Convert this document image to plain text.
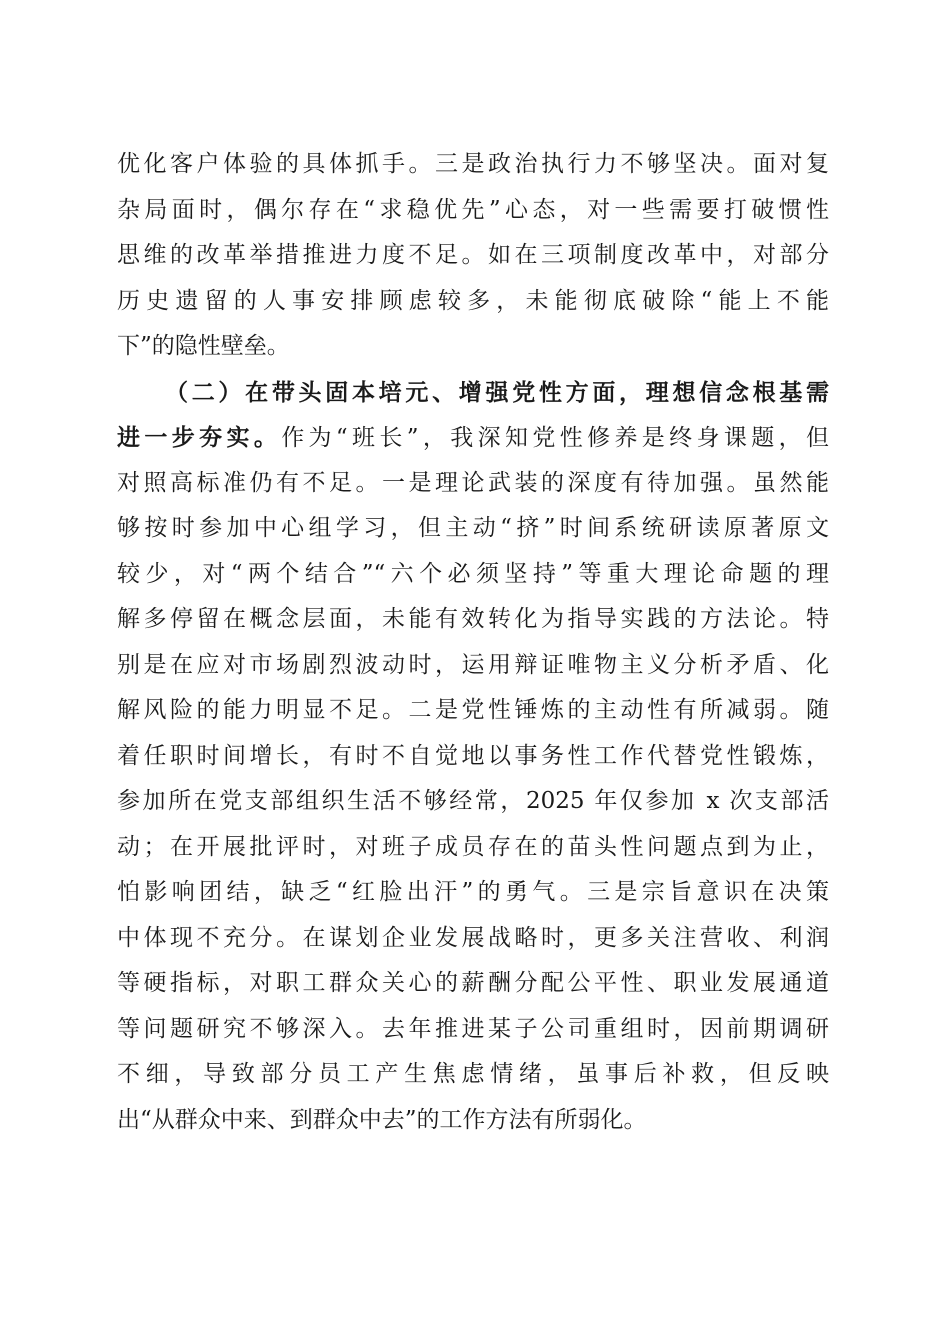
优化客户体验的具体抓手。三是政治执行力不够坚决。面对复
杂局面时，偶尔存在“求稳优先”心态，对一些需要打破惯性
思维的改革举措推进力度不足。如在三项制度改革中，对部分
历史遗留的人事安排顾虑较多，未能彻底破除“能上不能
下”的隐性壁垒。
（二）在带头固本培元、增强党性方面，理想信念根基需
进一步夯实。作为“班长”，我深知党性修养是终身课题，但
对照高标准仍有不足。一是理论武装的深度有待加强。虽然能
够按时参加中心组学习，但主动“挤”时间系统研读原著原文
较少，对“两个结合”“六个必须坚持”等重大理论命题的理
解多停留在概念层面，未能有效转化为指导实践的方法论。特
别是在应对市场剧烈波动时，运用辩证唯物主义分析矛盾、化
解风险的能力明显不足。二是党性锤炼的主动性有所减弱。随
着任职时间增长，有时不自觉地以事务性工作代替党性锻炼，
参加所在党支部组织生活不够经常，2025 年仅参加 x 次支部活
动；在开展批评时，对班子成员存在的苗头性问题点到为止，
怕影响团结，缺乏“红脸出汗”的勇气。三是宗旨意识在决策
中体现不充分。在谋划企业发展战略时，更多关注营收、利润
等硬指标，对职工群众关心的薪酬分配公平性、职业发展通道
等问题研究不够深入。去年推进某子公司重组时，因前期调研
不细，导致部分员工产生焦虑情绪，虽事后补救，但反映
出“从群众中来、到群众中去”的工作方法有所弱化。
